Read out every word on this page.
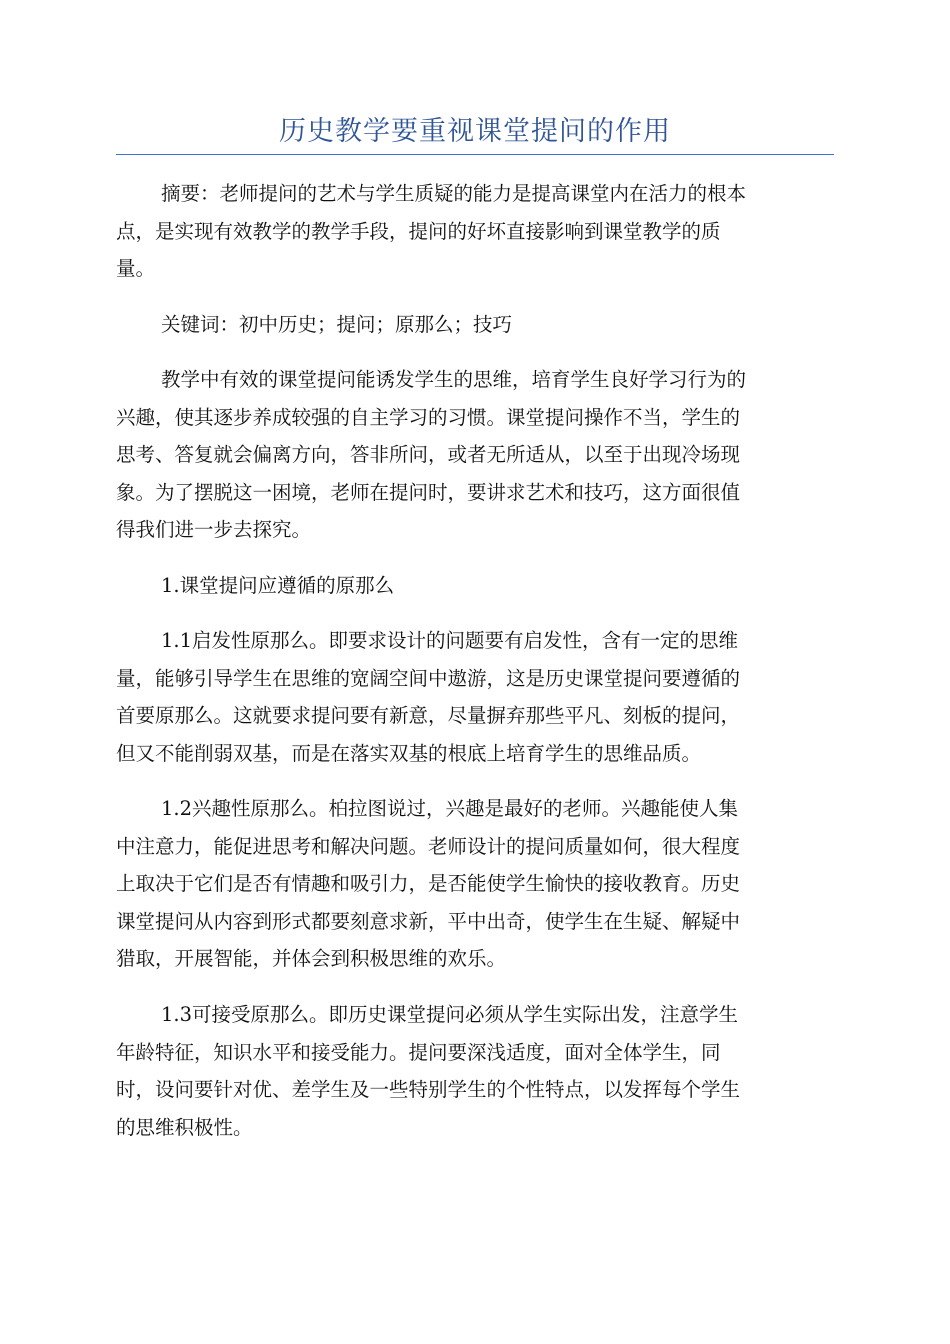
历史教学要重视课堂提问的作用

摘要：老师提问的艺术与学生质疑的能力是提高课堂内在活力的根本
点，是实现有效教学的教学手段，提问的好坏直接影响到课堂教学的质
量。

关键词：初中历史；提问；原那么；技巧

教学中有效的课堂提问能诱发学生的思维，培育学生良好学习行为的
兴趣，使其逐步养成较强的自主学习的习惯。课堂提问操作不当，学生的
思考、答复就会偏离方向，答非所问，或者无所适从，以至于出现冷场现
象。为了摆脱这一困境，老师在提问时，要讲求艺术和技巧，这方面很值
得我们进一步去探究。

1.课堂提问应遵循的原那么

1.1启发性原那么。即要求设计的问题要有启发性，含有一定的思维
量，能够引导学生在思维的宽阔空间中遨游，这是历史课堂提问要遵循的
首要原那么。这就要求提问要有新意，尽量摒弃那些平凡、刻板的提问，
但又不能削弱双基，而是在落实双基的根底上培育学生的思维品质。

1.2兴趣性原那么。柏拉图说过，兴趣是最好的老师。兴趣能使人集
中注意力，能促进思考和解决问题。老师设计的提问质量如何，很大程度
上取决于它们是否有情趣和吸引力，是否能使学生愉快的接收教育。历史
课堂提问从内容到形式都要刻意求新，平中出奇，使学生在生疑、解疑中
猎取，开展智能，并体会到积极思维的欢乐。

1.3可接受原那么。即历史课堂提问必须从学生实际出发，注意学生
年龄特征，知识水平和接受能力。提问要深浅适度，面对全体学生，同
时，设问要针对优、差学生及一些特别学生的个性特点，以发挥每个学生
的思维积极性。
